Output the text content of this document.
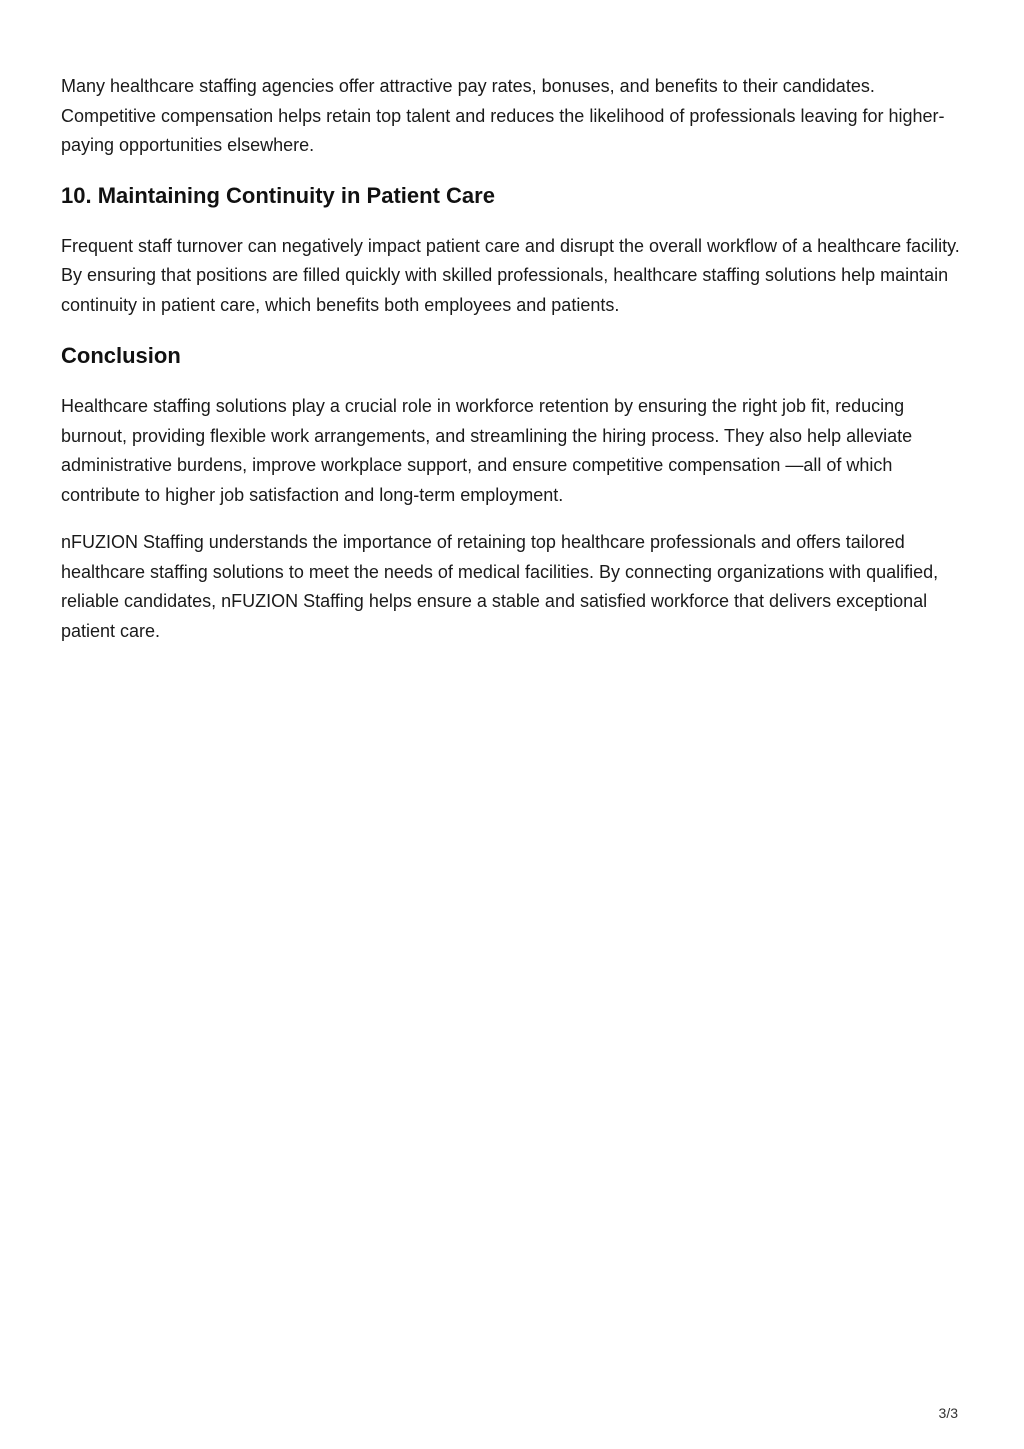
Many healthcare staffing agencies offer attractive pay rates, bonuses, and benefits to their candidates. Competitive compensation helps retain top talent and reduces the likelihood of professionals leaving for higher-paying opportunities elsewhere.

10. Maintaining Continuity in Patient Care

Frequent staff turnover can negatively impact patient care and disrupt the overall workflow of a healthcare facility. By ensuring that positions are filled quickly with skilled professionals, healthcare staffing solutions help maintain continuity in patient care, which benefits both employees and patients.

Conclusion

Healthcare staffing solutions play a crucial role in workforce retention by ensuring the right job fit, reducing burnout, providing flexible work arrangements, and streamlining the hiring process. They also help alleviate administrative burdens, improve workplace support, and ensure competitive compensation —all of which contribute to higher job satisfaction and long-term employment.

nFUZION Staffing understands the importance of retaining top healthcare professionals and offers tailored healthcare staffing solutions to meet the needs of medical facilities. By connecting organizations with qualified, reliable candidates, nFUZION Staffing helps ensure a stable and satisfied workforce that delivers exceptional patient care.

3/3
